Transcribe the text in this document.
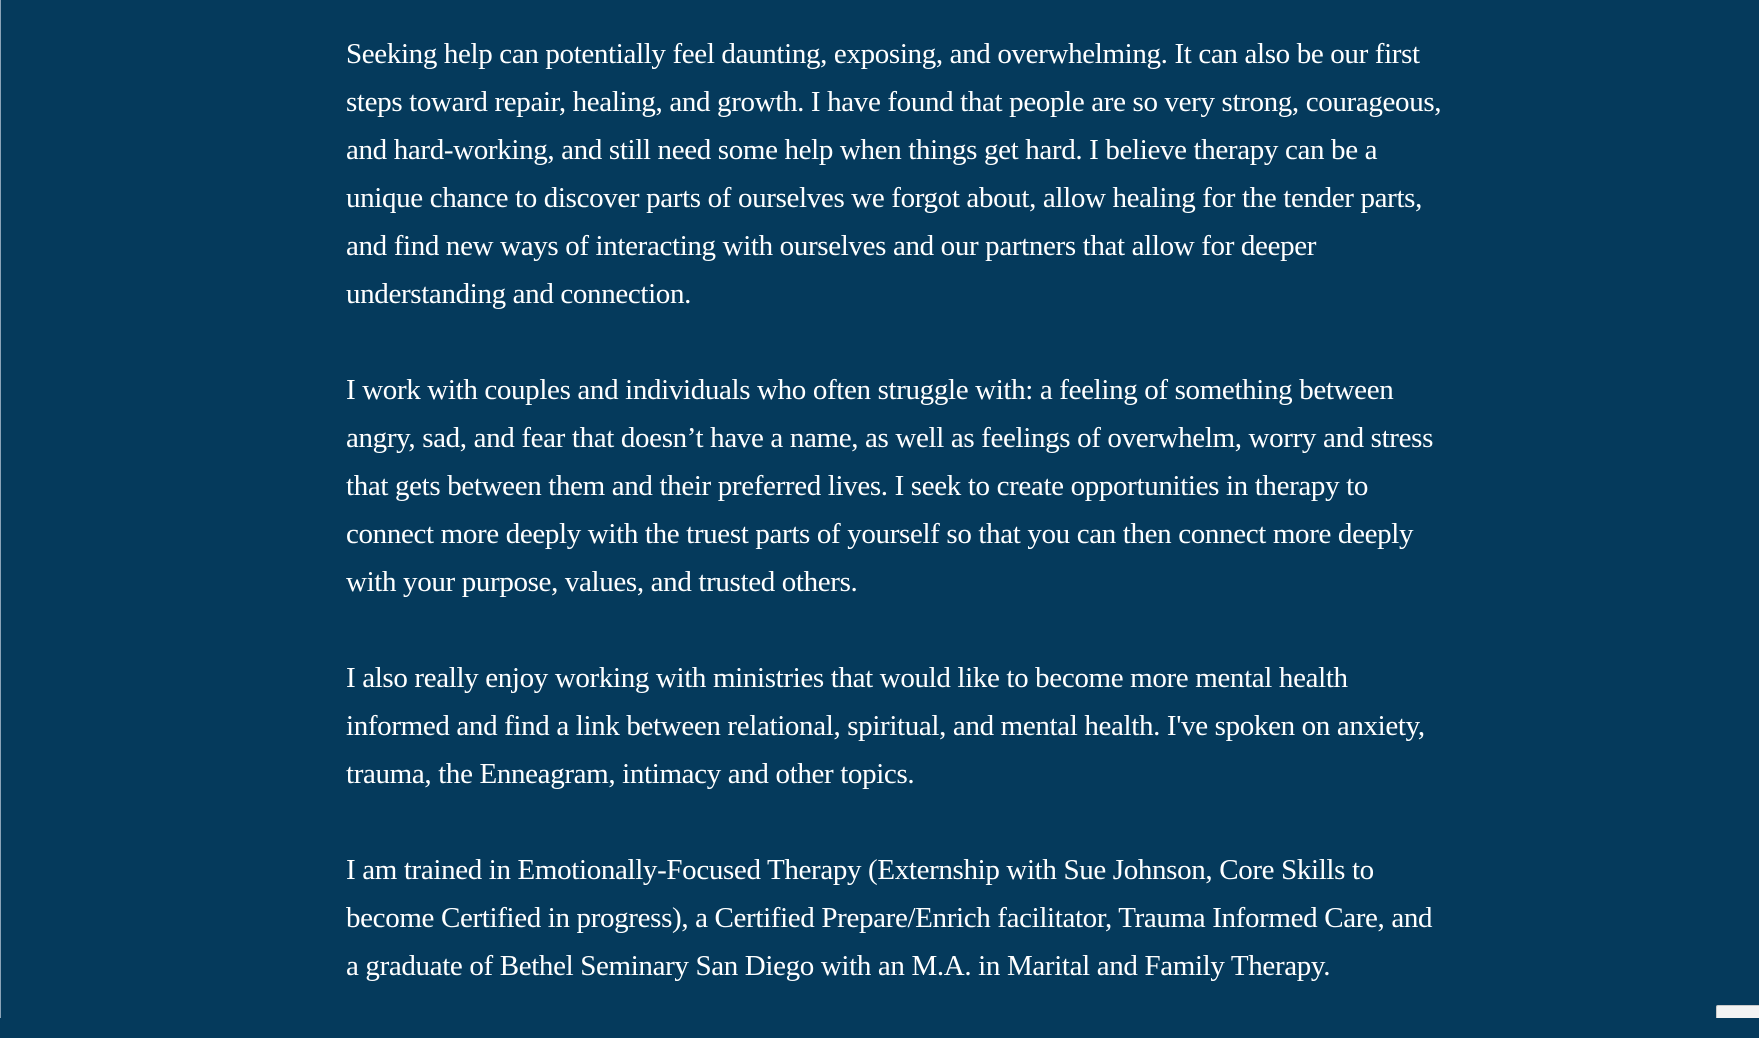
Seeking help can potentially feel daunting, exposing, and overwhelming. It can also be our first steps toward repair, healing, and growth. I have found that people are so very strong, courageous, and hard-working, and still need some help when things get hard. I believe therapy can be a unique chance to discover parts of ourselves we forgot about, allow healing for the tender parts, and find new ways of interacting with ourselves and our partners that allow for deeper understanding and connection.

I work with couples and individuals who often struggle with: a feeling of something between angry, sad, and fear that doesn’t have a name, as well as feelings of overwhelm, worry and stress that gets between them and their preferred lives. I seek to create opportunities in therapy to connect more deeply with the truest parts of yourself so that you can then connect more deeply with your purpose, values, and trusted others.

I also really enjoy working with ministries that would like to become more mental health informed and find a link between relational, spiritual, and mental health. I've spoken on anxiety, trauma, the Enneagram, intimacy and other topics.

I am trained in Emotionally-Focused Therapy (Externship with Sue Johnson, Core Skills to become Certified in progress), a Certified Prepare/Enrich facilitator, Trauma Informed Care, and a graduate of Bethel Seminary San Diego with an M.A. in Marital and Family Therapy.
